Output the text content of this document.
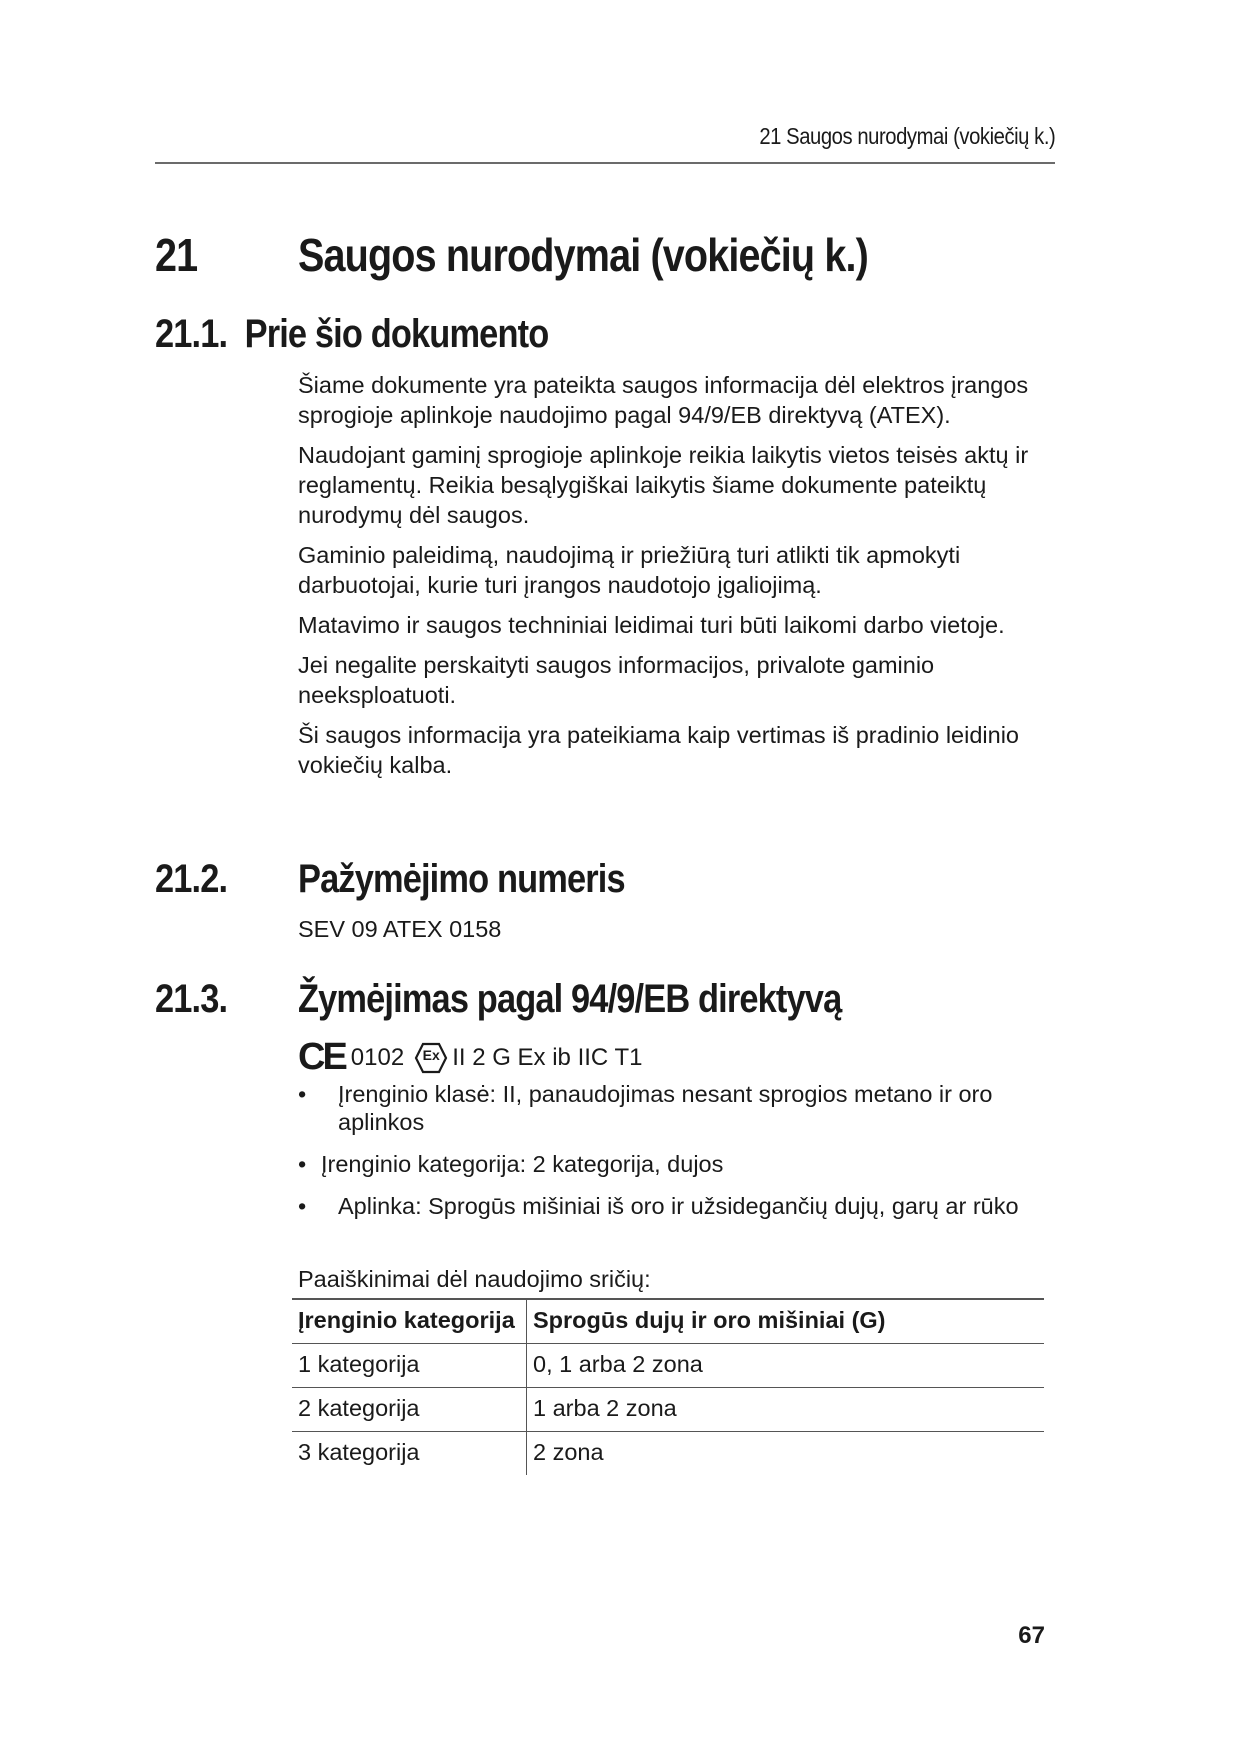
21 Saugos nurodymai (vokiečių k.)
21 Saugos nurodymai (vokiečių k.)
21.1. Prie šio dokumento

Šiame dokumente yra pateikta saugos informacija dėl elektros įrangos sprogioje aplinkoje naudojimo pagal 94/9/EB direktyvą (ATEX).

Naudojant gaminį sprogioje aplinkoje reikia laikytis vietos teisės aktų ir reglamentų. Reikia besąlygiškai laikytis šiame dokumente pateiktų nurodymų dėl saugos.

Gaminio paleidimą, naudojimą ir priežiūrą turi atlikti tik apmokyti darbuotojai, kurie turi įrangos naudotojo įgaliojimą.

Matavimo ir saugos techniniai leidimai turi būti laikomi darbo vietoje.

Jei negalite perskaityti saugos informacijos, privalote gaminio neeksploatuoti.

Ši saugos informacija yra pateikiama kaip vertimas iš pradinio leidinio vokiečių kalba.

21.2. Pažymėjimo numeris
SEV 09 ATEX 0158
21.3. Žymėjimas pagal 94/9/EB direktyvą
CE 0102	Ex II 2 G Ex ib IIC T1
• Įrenginio klasė: II, panaudojimas nesant sprogios metano ir oro aplinkos
• Įrenginio kategorija: 2 kategorija, dujos
• Aplinka: Sprogūs mišiniai iš oro ir užsidegančių dujų, garų ar rūko
Paaiškinimai dėl naudojimo sričių:
Įrenginio kategorija	Sprogūs dujų ir oro mišiniai (G)
1 kategorija	0, 1 arba 2 zona
2 kategorija	1 arba 2 zona
3 kategorija	2 zona
67
